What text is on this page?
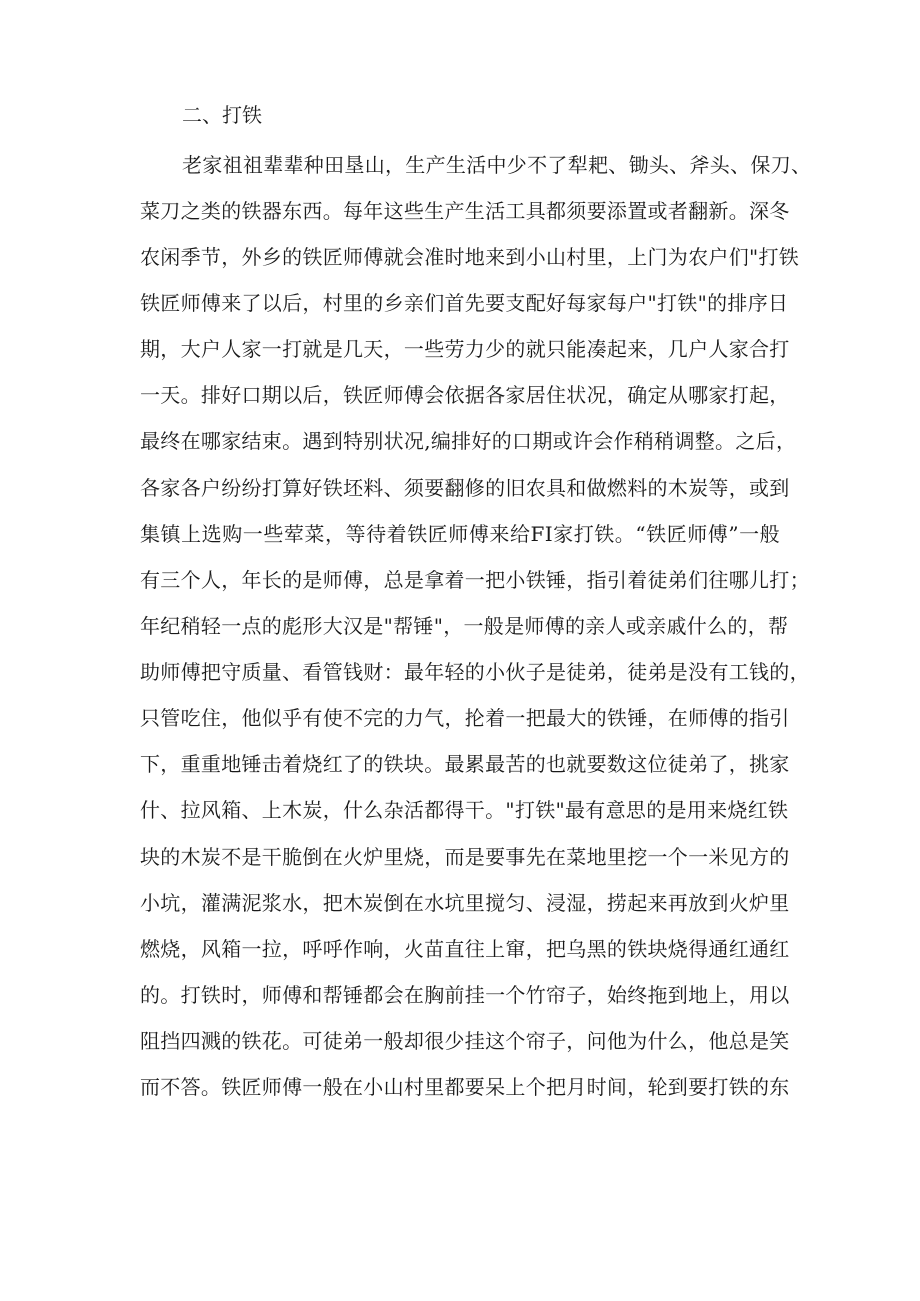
二、打铁
老家祖祖辈辈种田垦山，生产生活中少不了犁耙、锄头、斧头、保刀、
菜刀之类的铁器东西。每年这些生产生活工具都须要添置或者翻新。深冬
农闲季节，外乡的铁匠师傅就会准时地来到小山村里，上门为农户们"打铁
铁匠师傅来了以后，村里的乡亲们首先要支配好每家每户"打铁"的排序日
期，大户人家一打就是几天，一些劳力少的就只能凑起来，几户人家合打
一天。排好口期以后，铁匠师傅会依据各家居住状况，确定从哪家打起，
最终在哪家结束。遇到特别状况,编排好的口期或许会作稍稍调整。之后，
各家各户纷纷打算好铁坯料、须要翻修的旧农具和做燃料的木炭等，或到
集镇上选购一些荤菜，等待着铁匠师傅来给FI家打铁。“铁匠师傅”一般
有三个人，年长的是师傅，总是拿着一把小铁锤，指引着徒弟们往哪儿打；
年纪稍轻一点的彪形大汉是"帮锤"，一般是师傅的亲人或亲戚什么的，帮
助师傅把守质量、看管钱财：最年轻的小伙子是徒弟，徒弟是没有工钱的，
只管吃住，他似乎有使不完的力气，抡着一把最大的铁锤，在师傅的指引
下，重重地锤击着烧红了的铁块。最累最苦的也就要数这位徒弟了，挑家
什、拉风箱、上木炭，什么杂活都得干。"打铁"最有意思的是用来烧红铁
块的木炭不是干脆倒在火炉里烧，而是要事先在菜地里挖一个一米见方的
小坑，灌满泥浆水，把木炭倒在水坑里搅匀、浸湿，捞起来再放到火炉里
燃烧，风箱一拉，呼呼作响，火苗直往上窜，把乌黑的铁块烧得通红通红
的。打铁时，师傅和帮锤都会在胸前挂一个竹帘子，始终拖到地上，用以
阻挡四溅的铁花。可徒弟一般却很少挂这个帘子，问他为什么，他总是笑
而不答。铁匠师傅一般在小山村里都要呆上个把月时间，轮到要打铁的东
